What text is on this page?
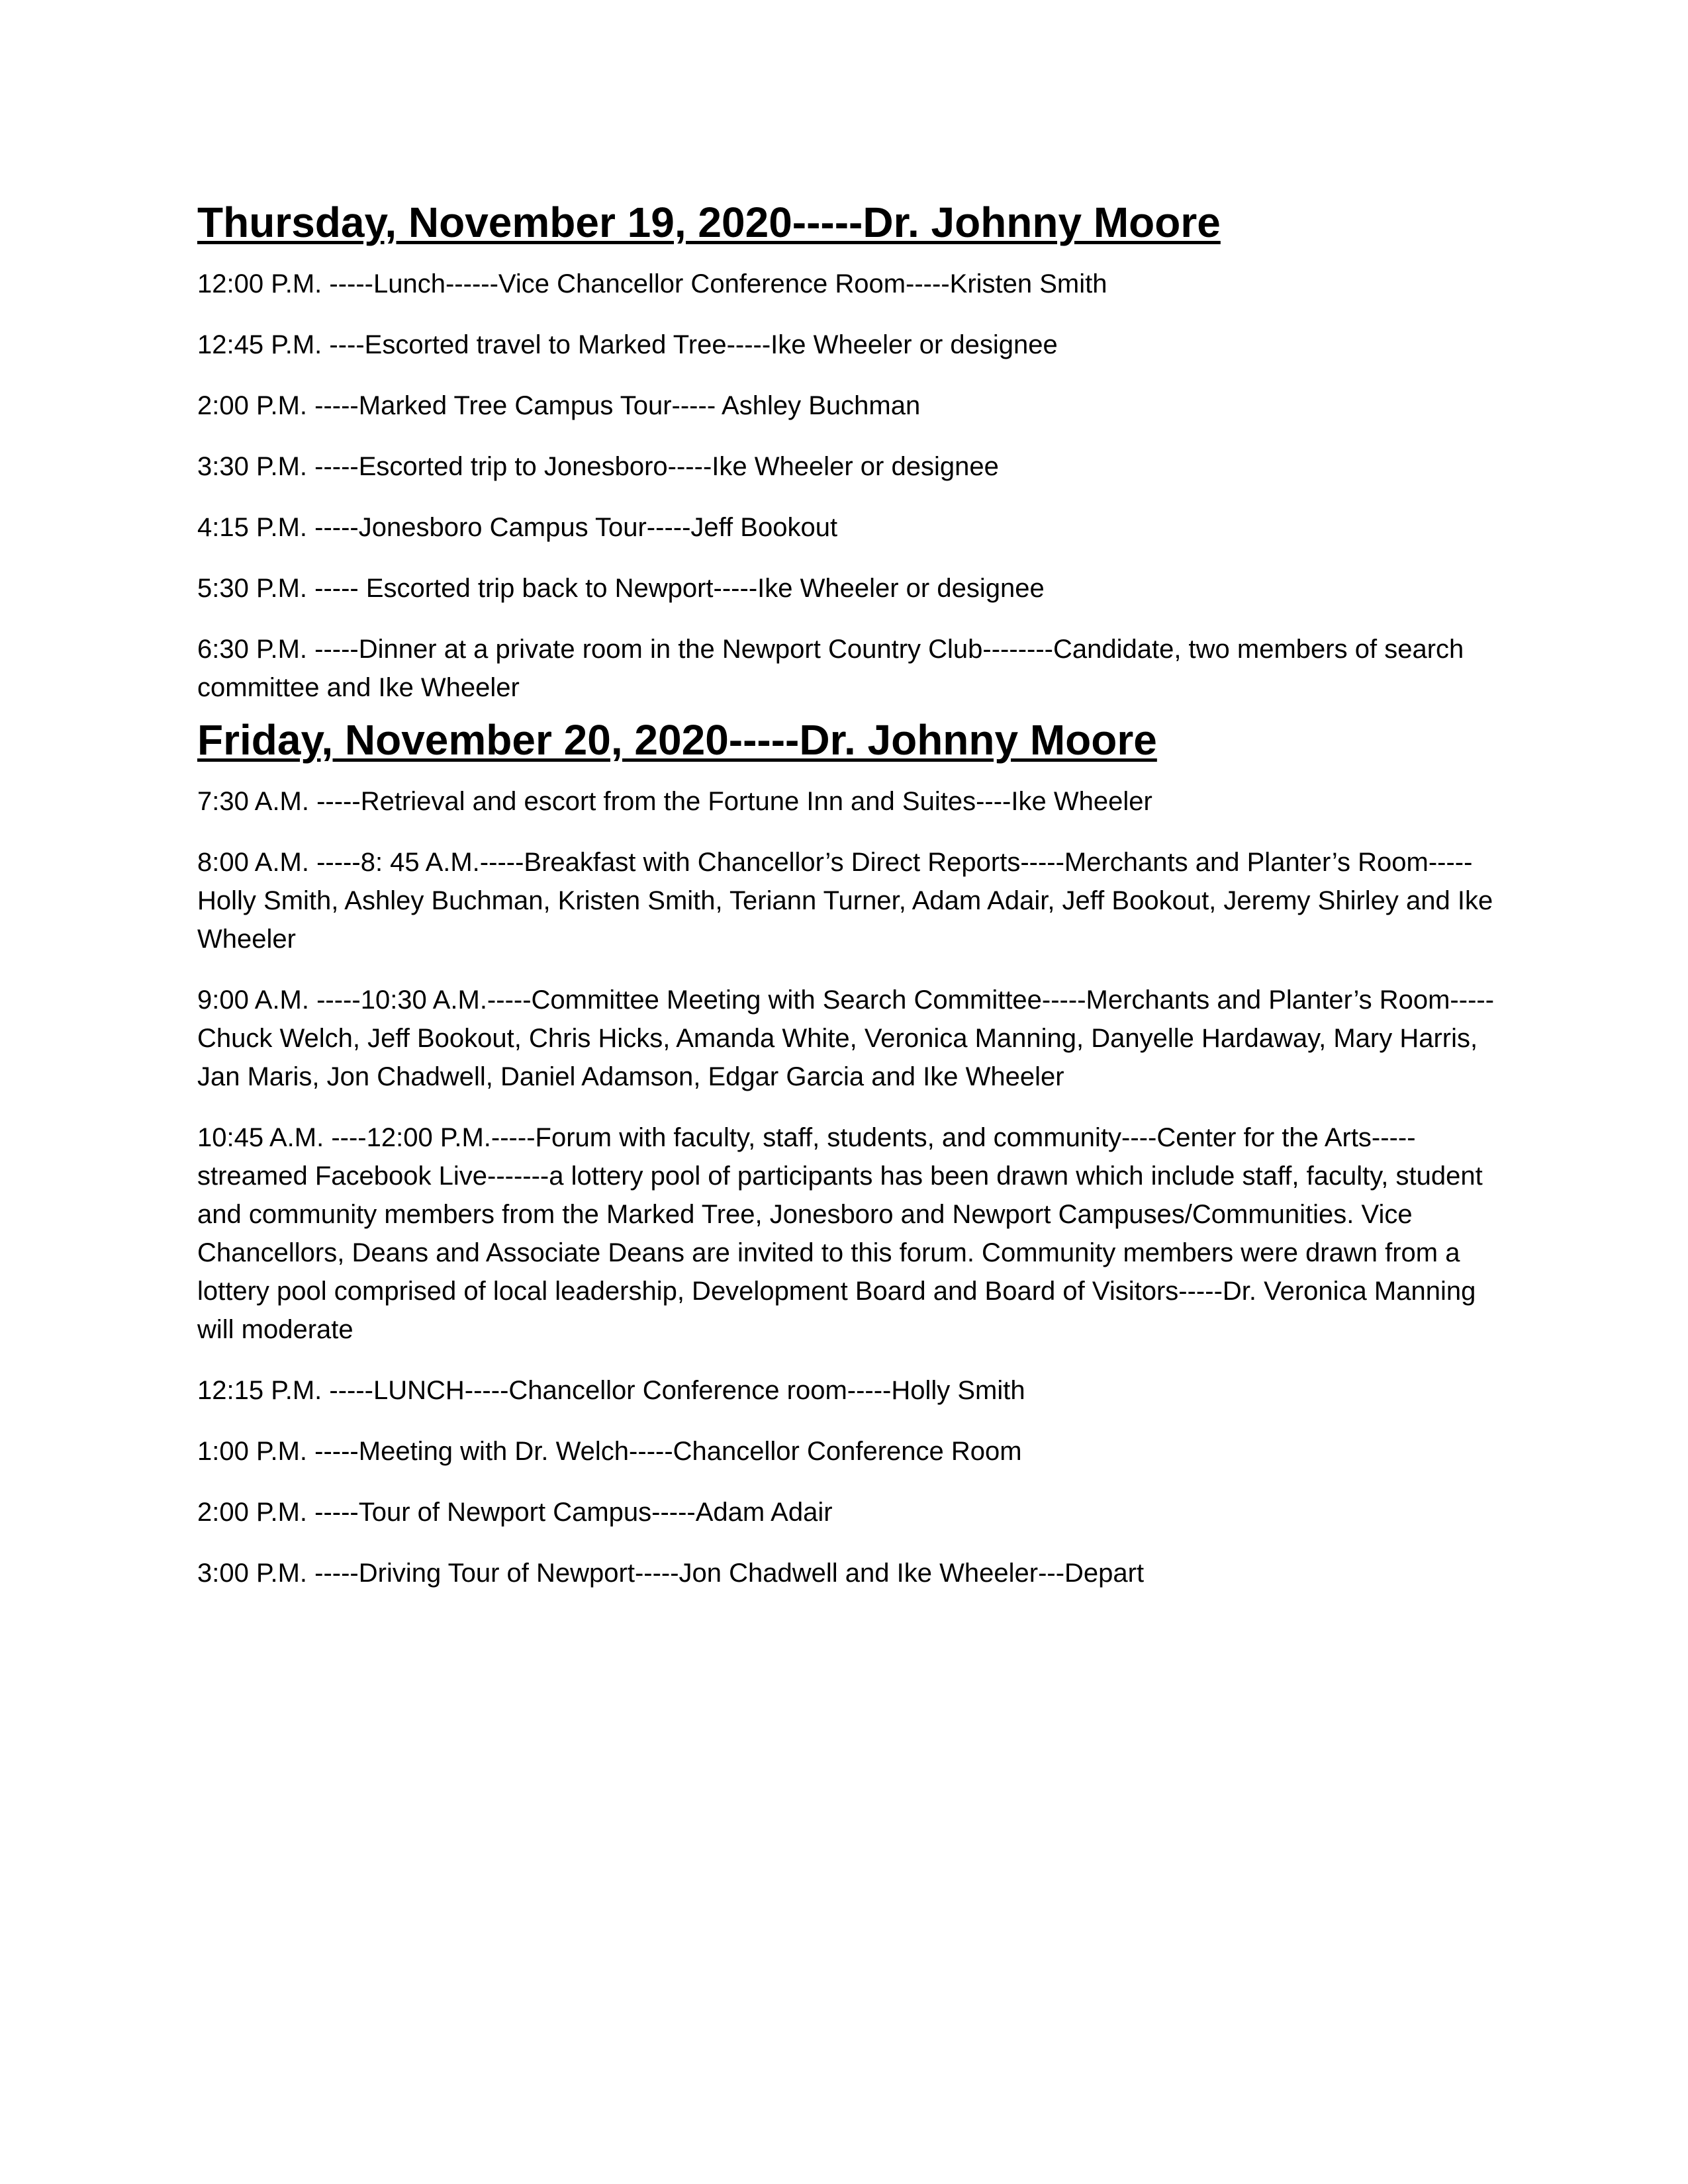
Thursday, November 19, 2020-----Dr. Johnny Moore
12:00 P.M. -----Lunch------Vice Chancellor Conference Room-----Kristen Smith
12:45 P.M. ----Escorted travel to Marked Tree-----Ike Wheeler or designee
2:00 P.M. -----Marked Tree Campus Tour----- Ashley Buchman
3:30 P.M. -----Escorted trip to Jonesboro-----Ike Wheeler or designee
4:15 P.M. -----Jonesboro Campus Tour-----Jeff Bookout
5:30 P.M. ----- Escorted trip back to Newport-----Ike Wheeler or designee
6:30 P.M. -----Dinner at a private room in the Newport Country Club--------Candidate, two members of search committee and Ike Wheeler
Friday, November 20, 2020-----Dr. Johnny Moore
7:30 A.M. -----Retrieval and escort from the Fortune Inn and Suites----Ike Wheeler
8:00 A.M. -----8: 45 A.M.-----Breakfast with Chancellor’s Direct Reports-----Merchants and Planter’s Room-----Holly Smith, Ashley Buchman, Kristen Smith, Teriann Turner, Adam Adair, Jeff Bookout, Jeremy Shirley and Ike Wheeler
9:00 A.M. -----10:30 A.M.-----Committee Meeting with Search Committee-----Merchants and Planter’s Room-----Chuck Welch, Jeff Bookout, Chris Hicks, Amanda White, Veronica Manning, Danyelle Hardaway, Mary Harris, Jan Maris, Jon Chadwell, Daniel Adamson, Edgar Garcia and Ike Wheeler
10:45 A.M. ----12:00 P.M.-----Forum with faculty, staff, students, and community----Center for the Arts----- streamed Facebook Live-------a lottery pool of participants has been drawn which include staff, faculty, student and community members from the Marked Tree, Jonesboro and Newport Campuses/Communities. Vice Chancellors, Deans and Associate Deans are invited to this forum. Community members were drawn from a lottery pool comprised of local leadership, Development Board and Board of Visitors-----Dr. Veronica Manning will moderate
12:15 P.M. -----LUNCH-----Chancellor Conference room-----Holly Smith
1:00 P.M. -----Meeting with Dr. Welch-----Chancellor Conference Room
2:00 P.M. -----Tour of Newport Campus-----Adam Adair
3:00 P.M. -----Driving Tour of Newport-----Jon Chadwell and Ike Wheeler---Depart
